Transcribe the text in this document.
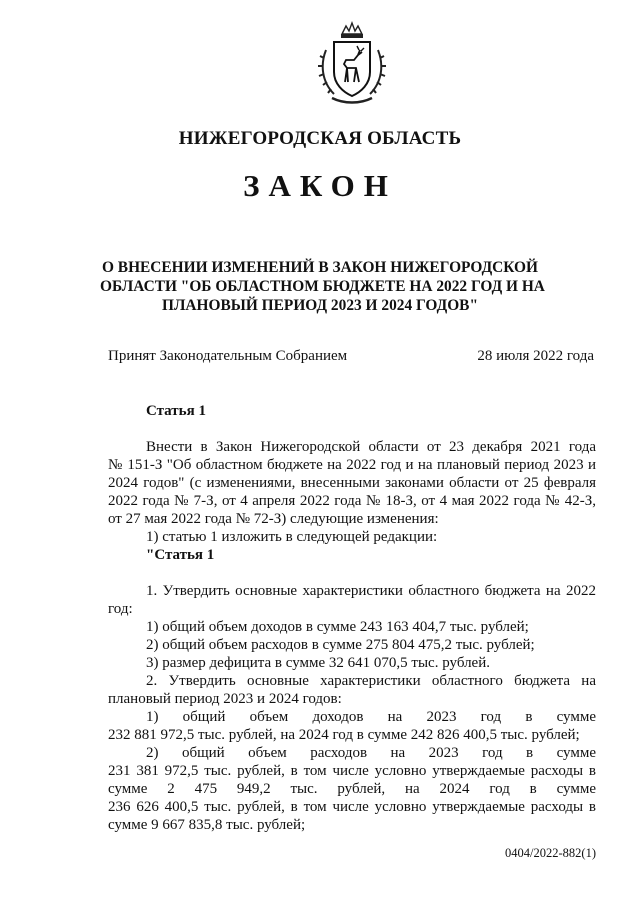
НИЖЕГОРОДСКАЯ ОБЛАСТЬ
ЗАКОН
О ВНЕСЕНИИ ИЗМЕНЕНИЙ В ЗАКОН НИЖЕГОРОДСКОЙ
ОБЛАСТИ "ОБ ОБЛАСТНОМ БЮДЖЕТЕ НА 2022 ГОД И НА
ПЛАНОВЫЙ ПЕРИОД 2023 И 2024 ГОДОВ"
Принят Законодательным Собранием	28 июля 2022 года
Статья 1
Внести в Закон Нижегородской области от 23 декабря 2021 года
№ 151-З "Об областном бюджете на 2022 год и на плановый период 2023 и
2024 годов" (с изменениями, внесенными законами области от 25 февраля
2022 года № 7-З, от 4 апреля 2022 года № 18-З, от 4 мая 2022 года № 42-З,
от 27 мая 2022 года № 72-З) следующие изменения:
1) статью 1 изложить в следующей редакции:
"Статья 1
1. Утвердить основные характеристики областного бюджета на 2022
год:
1) общий объем доходов в сумме 243 163 404,7 тыс. рублей;
2) общий объем расходов в сумме 275 804 475,2 тыс. рублей;
3) размер дефицита в сумме 32 641 070,5 тыс. рублей.
2. Утвердить основные характеристики областного бюджета на
плановый период 2023 и 2024 годов:
1) общий объем доходов на 2023 год в сумме
232 881 972,5 тыс. рублей, на 2024 год в сумме 242 826 400,5 тыс. рублей;
2) общий объем расходов на 2023 год в сумме
231 381 972,5 тыс. рублей, в том числе условно утверждаемые расходы в
сумме 2 475 949,2 тыс. рублей, на 2024 год в сумме
236 626 400,5 тыс. рублей, в том числе условно утверждаемые расходы в
сумме 9 667 835,8 тыс. рублей;
0404/2022-882(1)
